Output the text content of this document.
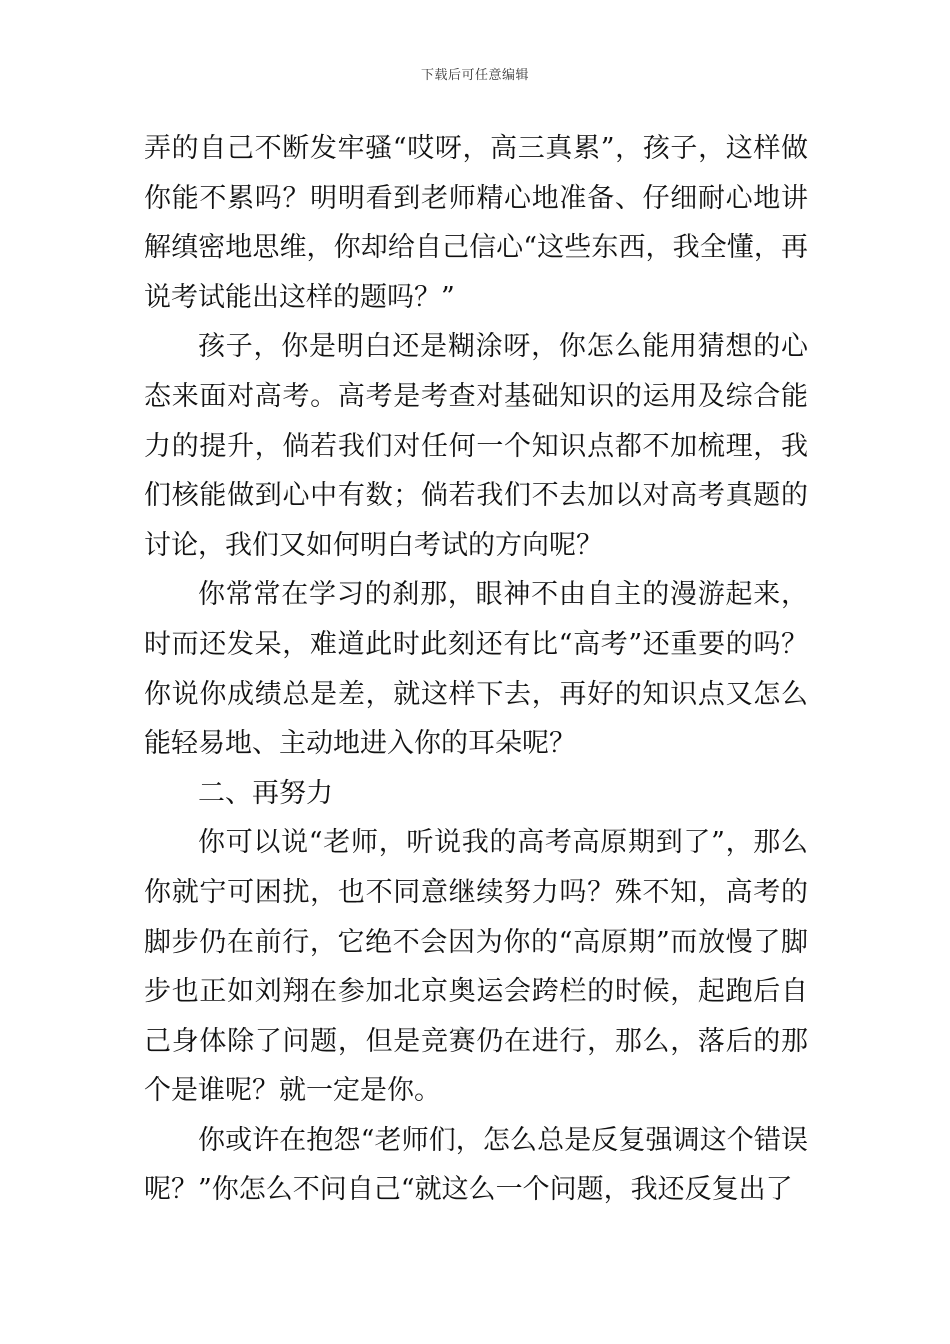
下载后可任意编辑

弄的自己不断发牢骚“哎呀，高三真累”，孩子，这样做你能不累吗？明明看到老师精心地准备、仔细耐心地讲解缜密地思维，你却给自己信心“这些东西，我全懂，再说考试能出这样的题吗？”

孩子，你是明白还是糊涂呀，你怎么能用猜想的心态来面对高考。高考是考查对基础知识的运用及综合能力的提升，倘若我们对任何一个知识点都不加梳理，我们核能做到心中有数；倘若我们不去加以对高考真题的讨论，我们又如何明白考试的方向呢？

你常常在学习的刹那，眼神不由自主的漫游起来，时而还发呆，难道此时此刻还有比“高考”还重要的吗？你说你成绩总是差，就这样下去，再好的知识点又怎么能轻易地、主动地进入你的耳朵呢？

二、再努力

你可以说“老师，听说我的高考高原期到了”，那么你就宁可困扰，也不同意继续努力吗？殊不知，高考的脚步仍在前行，它绝不会因为你的“高原期”而放慢了脚步也正如刘翔在参加北京奥运会跨栏的时候，起跑后自己身体除了问题，但是竞赛仍在进行，那么，落后的那个是谁呢？就一定是你。

你或许在抱怨“老师们，怎么总是反复强调这个错误呢？”你怎么不问自己“就这么一个问题，我还反复出了
